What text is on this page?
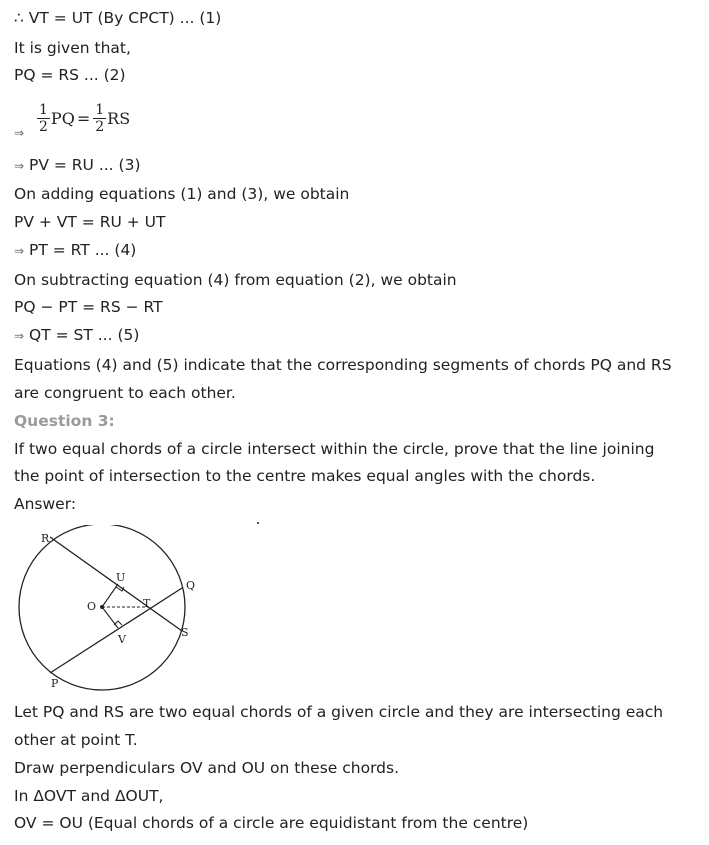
∴ VT = UT (By CPCT) ... (1)
It is given that,
PQ = RS ... (2)
⇒ $\frac{1}{2}$ PQ = $\frac{1}{2}$ RS
⇒ PV = RU ... (3)
On adding equations (1) and (3), we obtain
PV + VT = RU + UT
⇒ PT = RT ... (4)
On subtracting equation (4) from equation (2), we obtain
PQ − PT = RS − RT
⇒ QT = ST ... (5)
Equations (4) and (5) indicate that the corresponding segments of chords PQ and RS
are congruent to each other.
Question 3:
If two equal chords of a circle intersect within the circle, prove that the line joining
the point of intersection to the centre makes equal angles with the chords.
Answer:
R
Q
U
O	T
S
V
P
Let PQ and RS are two equal chords of a given circle and they are intersecting each
other at point T.
Draw perpendiculars OV and OU on these chords.
In ΔOVT and ΔOUT,
OV = OU (Equal chords of a circle are equidistant from the centre)
